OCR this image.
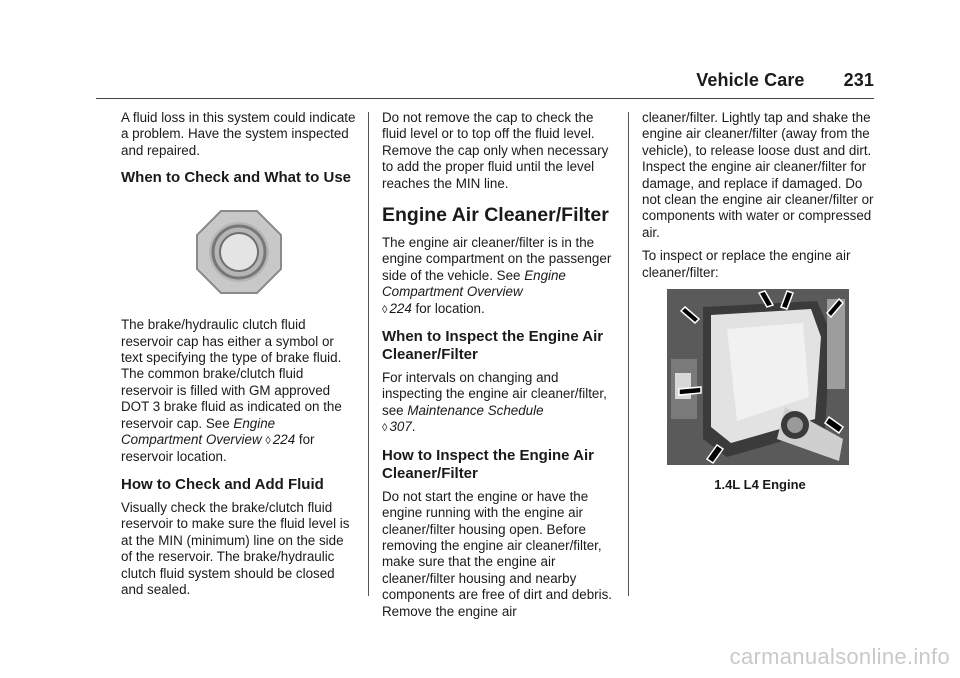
Vehicle Care 231

A fluid loss in this system could indicate a problem. Have the system inspected and repaired.

When to Check and What to Use

The brake/hydraulic clutch fluid reservoir cap has either a symbol or text specifying the type of brake fluid. The common brake/clutch fluid reservoir is filled with GM approved DOT 3 brake fluid as indicated on the reservoir cap. See Engine Compartment Overview ◊ 224 for reservoir location.

How to Check and Add Fluid

Visually check the brake/clutch fluid reservoir to make sure the fluid level is at the MIN (minimum) line on the side of the reservoir. The brake/hydraulic clutch fluid system should be closed and sealed.

Do not remove the cap to check the fluid level or to top off the fluid level. Remove the cap only when necessary to add the proper fluid until the level reaches the MIN line.

Engine Air Cleaner/Filter

The engine air cleaner/filter is in the engine compartment on the passenger side of the vehicle. See Engine Compartment Overview
◊ 224 for location.

When to Inspect the Engine Air Cleaner/Filter

For intervals on changing and inspecting the engine air cleaner/filter, see Maintenance Schedule
◊ 307.

How to Inspect the Engine Air Cleaner/Filter

Do not start the engine or have the engine running with the engine air cleaner/filter housing open. Before removing the engine air cleaner/filter, make sure that the engine air cleaner/filter housing and nearby components are free of dirt and debris. Remove the engine air

cleaner/filter. Lightly tap and shake the engine air cleaner/filter (away from the vehicle), to release loose dust and dirt. Inspect the engine air cleaner/filter for damage, and replace if damaged. Do not clean the engine air cleaner/filter or components with water or compressed air.

To inspect or replace the engine air cleaner/filter:

1.4L L4 Engine
carmanualsonline.info
